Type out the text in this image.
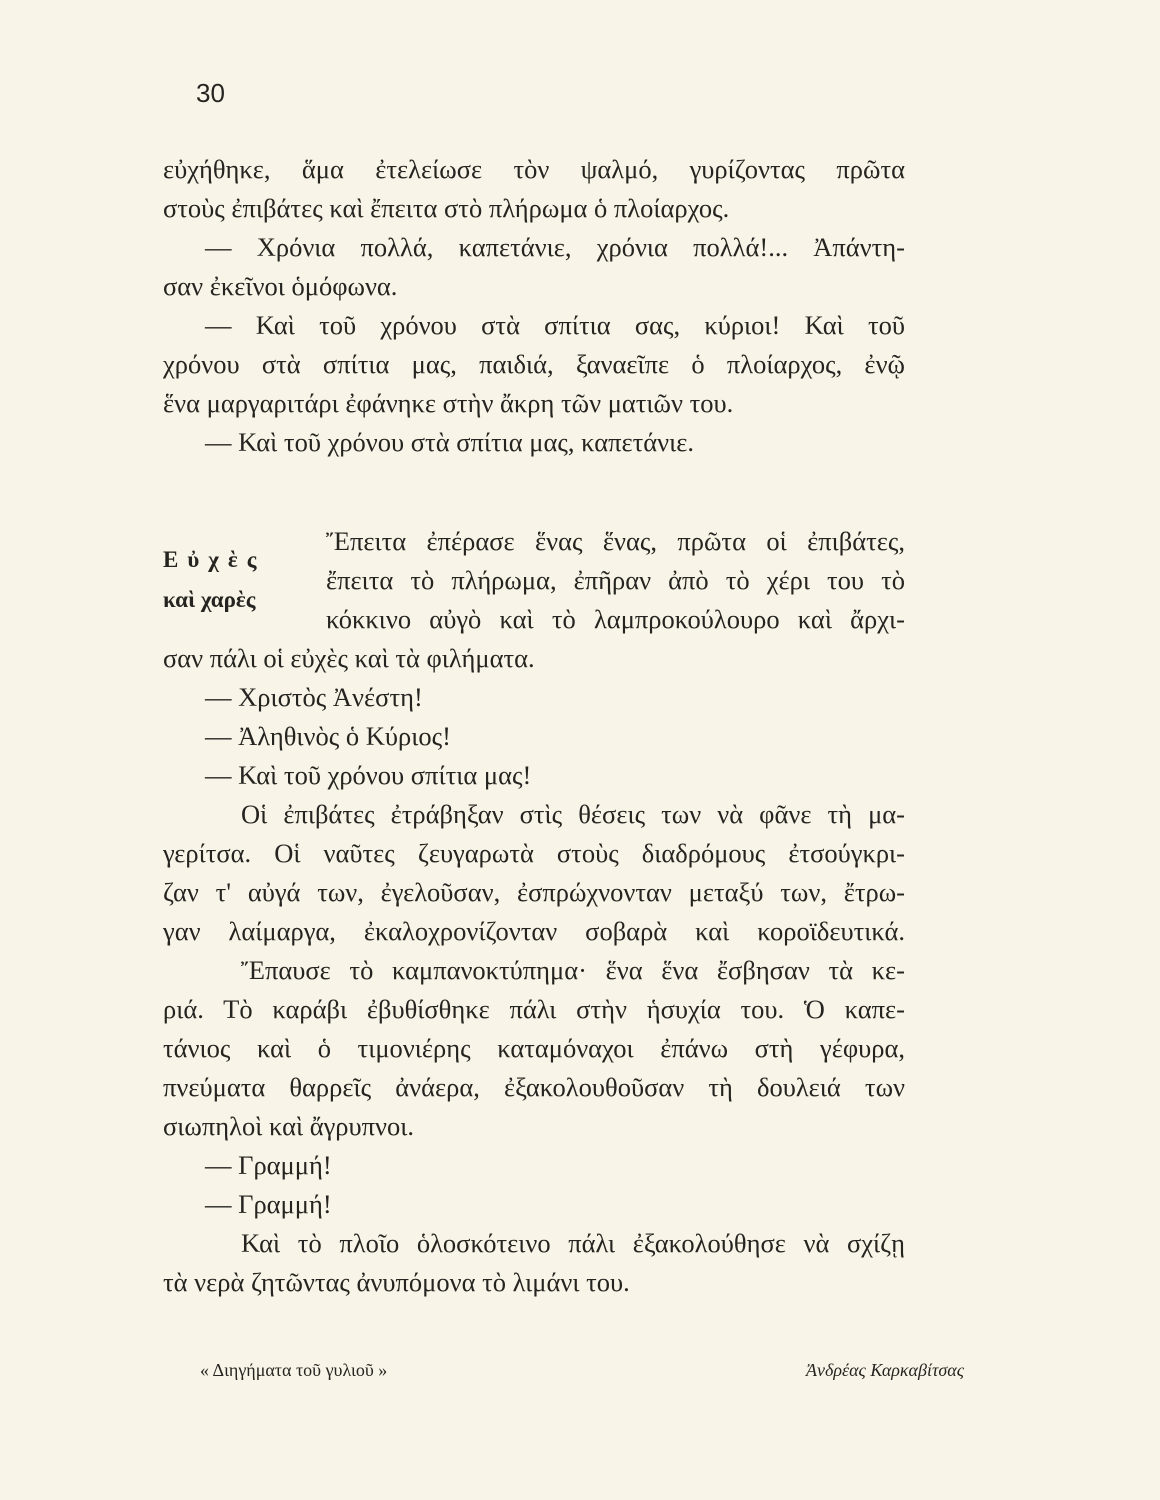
30
εὐχήθηκε, ἅμα ἐτελείωσε τὸν ψαλμό, γυρίζοντας πρῶτα
στοὺς ἐπιβάτες καὶ ἔπειτα στὸ πλήρωμα ὁ πλοίαρχος.
— Χρόνια πολλά, καπετάνιε, χρόνια πολλά!... Ἀπάντη-
σαν ἐκεῖνοι ὁμόφωνα.
— Καὶ τοῦ χρόνου στὰ σπίτια σας, κύριοι! Καὶ τοῦ
χρόνου στὰ σπίτια μας, παιδιά, ξαναεῖπε ὁ πλοίαρχος, ἐνῷ
ἕνα μαργαριτάρι ἐφάνηκε στὴν ἄκρη τῶν ματιῶν του.
— Καὶ τοῦ χρόνου στὰ σπίτια μας, καπετάνιε.
Εὐχὲς
καὶ χαρὲς
Ἔπειτα ἐπέρασε ἕνας ἕνας, πρῶτα οἱ ἐπιβάτες,
ἔπειτα τὸ πλήρωμα, ἐπῆραν ἀπὸ τὸ χέρι του τὸ
κόκκινο αὐγὸ καὶ τὸ λαμπροκούλουρο καὶ ἄρχι-
σαν πάλι οἱ εὐχὲς καὶ τὰ φιλήματα.
— Χριστὸς Ἀνέστη!
— Ἀληθινὸς ὁ Κύριος!
— Καὶ τοῦ χρόνου σπίτια μας!
Οἱ ἐπιβάτες ἐτράβηξαν στὶς θέσεις των νὰ φᾶνε τὴ μα-
γερίτσα. Οἱ ναῦτες ζευγαρωτὰ στοὺς διαδρόμους ἐτσούγκρι-
ζαν τ' αὐγά των, ἐγελοῦσαν, ἐσπρώχνονταν μεταξύ των, ἔτρω-
γαν λαίμαργα, ἐκαλοχρονίζονταν σοβαρὰ καὶ κοροϊδευτικά.
Ἔπαυσε τὸ καμπανοκτύπημα· ἕνα ἕνα ἔσβησαν τὰ κε-
ριά. Τὸ καράβι ἐβυθίσθηκε πάλι στὴν ἡσυχία του. Ὁ καπε-
τάνιος καὶ ὁ τιμονιέρης καταμόναχοι ἐπάνω στὴ γέφυρα,
πνεύματα θαρρεῖς ἀνάερα, ἐξακολουθοῦσαν τὴ δουλειά των
σιωπηλοὶ καὶ ἄγρυπνοι.
— Γραμμή!
— Γραμμή!
Καὶ τὸ πλοῖο ὁλοσκότεινο πάλι ἐξακολούθησε νὰ σχίζῃ
τὰ νερὰ ζητῶντας ἀνυπόμονα τὸ λιμάνι του.
« Διηγήματα τοῦ γυλιοῦ »	Ἀνδρέας Καρκαβίτσας
